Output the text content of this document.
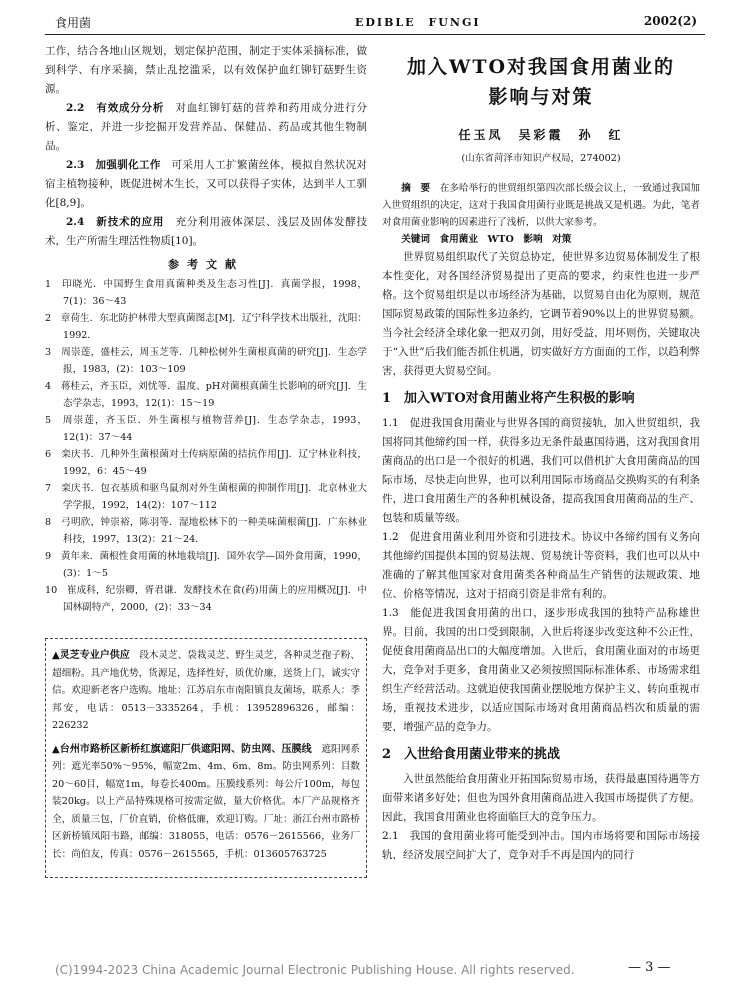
食用菌	EDIBLE　FUNGI	2002(2)

工作，结合各地山区规划，划定保护范围，制定于实体采摘标准，做到科学、有序采摘，禁止乱挖滥采，以有效保护血红铆钉菇野生资源。

2.2　有效成分分析　 对血红铆钉菇的营养和药用成分进行分析、鉴定，并进一步挖掘开发营养品、保健品、药品或其他生物制品。

2.3　加强驯化工作　 可采用人工扩繁菌丝体，模拟自然状况对宿主植物接种，既促进树木生长，又可以获得子实体，达到半人工驯化[8,9]。

2.4　新技术的应用　 充分利用液体深层、浅层及固体发酵技术，生产所需生理活性物质[10]。

参考文献

1　印晓光．中国野生食用真菌种类及生态习性[J]．真菌学报，1998，7(1)：36～43

2　章荷生．东北防护林带大型真菌图志[M]．辽宁科学技术出版社，沈阳：1992．

3　周崇莲，盛桂云，周玉芝等．几种松树外生菌根真菌的研究[J]．生态学报，1983，(2)：103～109

4　蒋桂云，齐玉臣，刘忧等．温度、pH对菌根真菌生长影响的研究[J]．生态学杂志，1993，12(1)：15～19

5　周崇莲，齐玉臣．外生菌根与植物营养[J]．生态学杂志，1993，12(1)：37～44

6　栾庆书．几种外生菌根菌对土传病原菌的拮抗作用[J]．辽宁林业科技，1992，6：45～49

7　栾庆书．包衣基质和驱鸟鼠剂对外生菌根菌的抑制作用[J]．北京林业大学学报，1992，14(2)：107～112

8　弓明欣，钟崇裕，陈羽等．湿地松林下的一种美味菌根菌[J]．广东林业科技，1997，13(2)：21～24．

9　黄年来．菌根性食用菌的林地栽培[J]．国外农学—国外食用菌，1990，(3)：1～5

10　崔成科，纪崇卿，胥君谦．发酵技术在食(药)用菌上的应用概况[J]．中国林副特产，2000，(2)：33～34

▲灵芝专业户供应　 段木灵芝、袋栽灵芝、野生灵芝，各种灵芝孢子粉、超细粉。具产地优势，货源足，选择性好，质优价廉，送货上门，诚实守信。欢迎新老客户选购。地址：江苏启东市南阳镇良友菌场，联系人：季邦安，电话：0513－3335264，手机：13952896326，邮编：226232

▲台州市路桥区新桥红旗遮阳厂供遮阳网、防虫网、压膜线　 遮阳网系列：遮光率50%～95%，幅宽2m、4m、6m、8m。防虫网系列：目数20～60目，幅宽1m，每卷长400m。压膜线系列：每公斤100m，每包装20kg。以上产品特殊规格可按需定做，量大价格优。本厂产品规格齐全，质量三包，厂价直销，价格低廉，欢迎订购。厂址：浙江台州市路桥区新桥镇凤阳韦路，邮编：318055，电话：0576－2615566，业务厂长：尚伯友，传真：0576－2615565，手机：013605763725

加入WTO对我国食用菌业的
影响与对策
任玉凤　吴彩霞　孙　红
(山东省菏泽市知识产权局，274002)

摘　要　 在多哈举行的世贸组织第四次部长级会议上，一致通过我国加入世贸组织的决定，这对于我国食用菌行业既是挑战又是机遇。为此，笔者对食用菌业影响的因素进行了浅析，以供大家参考。

关键词　食用菌业　WTO　影响　对策

世界贸易组织取代了关贸总协定，使世界多边贸易体制发生了根本性变化，对各国经济贸易提出了更高的要求，约束性也进一步严格。这个贸易组织是以市场经济为基础，以贸易自由化为原则，规范国际贸易政策的国际性多边条约，它调节着90%以上的世界贸易额。当今社会经济全球化象一把双刃剑，用好受益，用坏则伤，关键取决于“入世”后我们能否抓住机遇，切实做好方方面面的工作，以趋利弊害，获得更大贸易空间。

1　加入WTO对食用菌业将产生积极的影响

1.1　促进我国食用菌业与世界各国的商贸接轨，加入世贸组织，我国将同其他缔约国一样，获得多边无条件最惠国待遇，这对我国食用菌商品的出口是一个很好的机遇，我们可以借机扩大食用菌商品的国际市场，尽快走向世界，也可以利用国际市场商品交换购买的有利条件，进口食用菌生产的各种机械设备，提高我国食用菌商品的生产、包装和质量等级。

1.2　促进食用菌业利用外资和引进技术。协议中各缔约国有义务向其他缔约国提供本国的贸易法规、贸易统计等资料，我们也可以从中准确的了解其他国家对食用菌类各种商品生产销售的法规政策、地位、价格等情况，这对于招商引资是非常有利的。

1.3　能促进我国食用菌的出口，逐步形成我国的独特产品称雄世界。目前，我国的出口受到限制，入世后将逐步改变这种不公正性，促使食用菌商品出口的大幅度增加。入世后，食用菌业面对的市场更大，竞争对手更多，食用菌业又必须按照国际标准体系、市场需求组织生产经营活动。这就迫使我国菌业摆脱地方保护主义、转向重视市场，重视技术进步，以适应国际市场对食用菌商品档次和质量的需要，增强产品的竞争力。

2　入世给食用菌业带来的挑战

入世虽然能给食用菌业开拓国际贸易市场，获得最惠国待遇等方面带来诸多好处；但也为国外食用菌商品进入我国市场提供了方便。因此，我国食用菌业也将面临巨大的竞争压力。

2.1　我国的食用菌业将可能受到冲击。国内市场将要和国际市场接轨，经济发展空间扩大了，竞争对手不再是国内的同行

(C)1994-2023 China Academic Journal Electronic Publishing House. All rights reserved.	— 3 —
